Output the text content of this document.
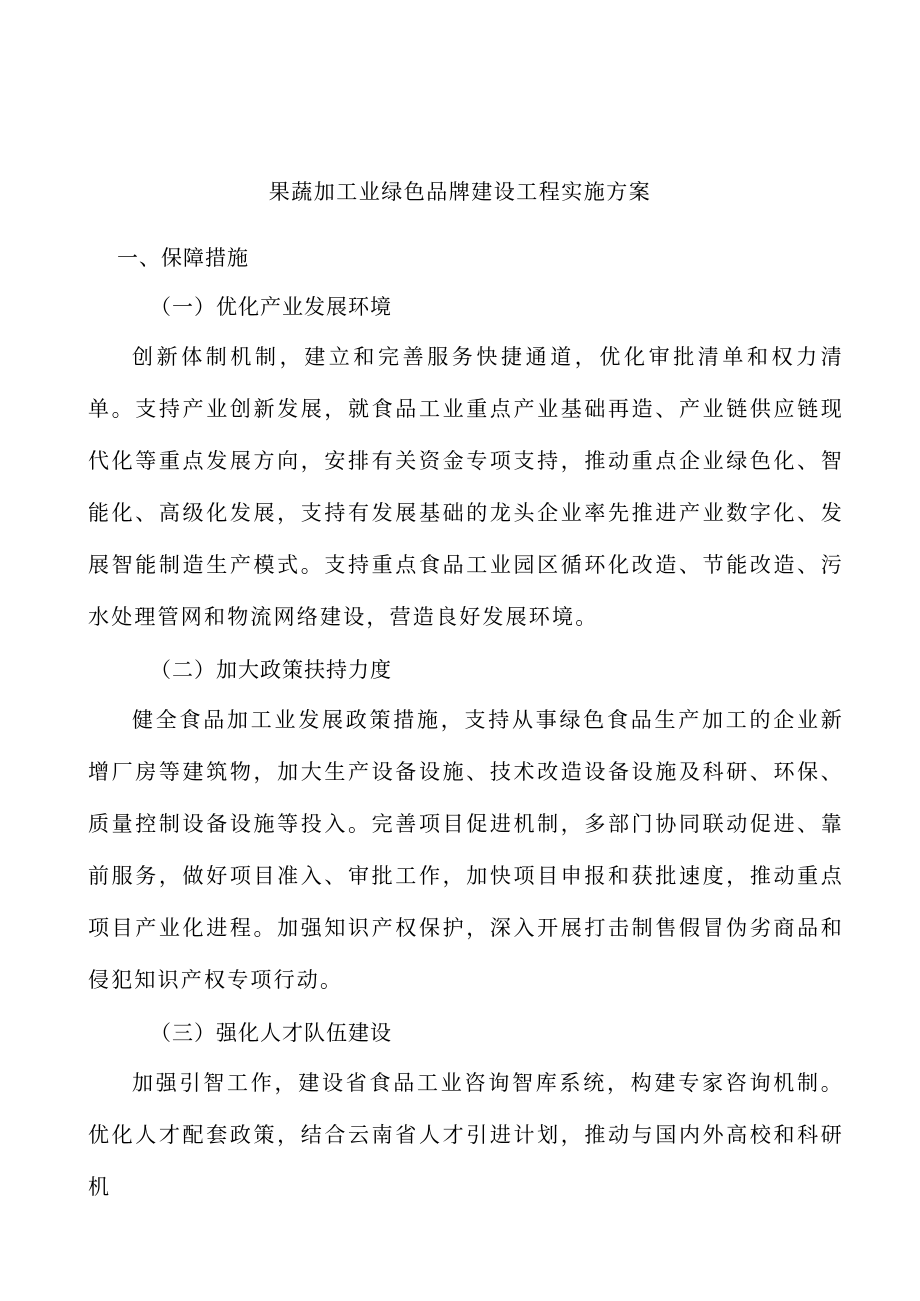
果蔬加工业绿色品牌建设工程实施方案
一、保障措施
（一）优化产业发展环境
创新体制机制，建立和完善服务快捷通道，优化审批清单和权力清单。支持产业创新发展，就食品工业重点产业基础再造、产业链供应链现代化等重点发展方向，安排有关资金专项支持，推动重点企业绿色化、智能化、高级化发展，支持有发展基础的龙头企业率先推进产业数字化、发展智能制造生产模式。支持重点食品工业园区循环化改造、节能改造、污水处理管网和物流网络建设，营造良好发展环境。
（二）加大政策扶持力度
健全食品加工业发展政策措施，支持从事绿色食品生产加工的企业新增厂房等建筑物，加大生产设备设施、技术改造设备设施及科研、环保、质量控制设备设施等投入。完善项目促进机制，多部门协同联动促进、靠前服务，做好项目准入、审批工作，加快项目申报和获批速度，推动重点项目产业化进程。加强知识产权保护，深入开展打击制售假冒伪劣商品和侵犯知识产权专项行动。
（三）强化人才队伍建设
加强引智工作，建设省食品工业咨询智库系统，构建专家咨询机制。优化人才配套政策，结合云南省人才引进计划，推动与国内外高校和科研机
